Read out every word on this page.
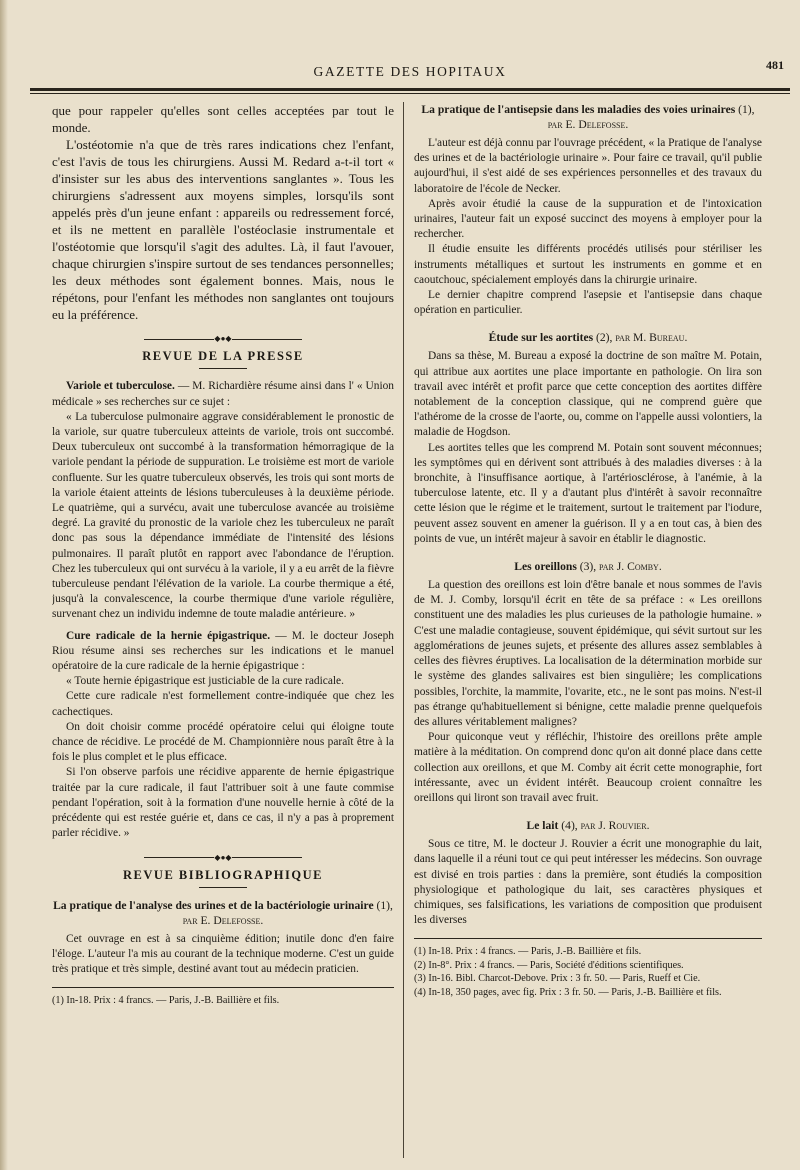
GAZETTE DES HOPITAUX	481

que pour rappeler qu'elles sont celles acceptées par tout le monde.

L'ostéotomie n'a que de très rares indications chez l'enfant, c'est l'avis de tous les chirurgiens. Aussi M. Redard a-t-il tort « d'insister sur les abus des interventions sanglantes ». Tous les chirurgiens s'adressent aux moyens simples, lorsqu'ils sont appelés près d'un jeune enfant : appareils ou redressement forcé, et ils ne mettent en parallèle l'ostéoclasie instrumentale et l'ostéotomie que lorsqu'il s'agit des adultes. Là, il faut l'avouer, chaque chirurgien s'inspire surtout de ses tendances personnelles; les deux méthodes sont également bonnes. Mais, nous le répétons, pour l'enfant les méthodes non sanglantes ont toujours eu la préférence.

◆●◆
REVUE DE LA PRESSE

Variole et tuberculose. — M. Richardière résume ainsi dans l' « Union médicale » ses recherches sur ce sujet :

« La tuberculose pulmonaire aggrave considérablement le pronostic de la variole, sur quatre tuberculeux atteints de variole, trois ont succombé. Deux tuberculeux ont succombé à la transformation hémorragique de la variole pendant la période de suppuration. Le troisième est mort de variole confluente. Sur les quatre tuberculeux observés, les trois qui sont morts de la variole étaient atteints de lésions tuberculeuses à la deuxième période. Le quatrième, qui a survécu, avait une tuberculose avancée au troisième degré. La gravité du pronostic de la variole chez les tuberculeux ne paraît donc pas sous la dépendance immédiate de l'intensité des lésions pulmonaires. Il paraît plutôt en rapport avec l'abondance de l'éruption. Chez les tuberculeux qui ont survécu à la variole, il y a eu arrêt de la fièvre tuberculeuse pendant l'élévation de la variole. La courbe thermique a été, jusqu'à la convalescence, la courbe thermique d'une variole régulière, survenant chez un individu indemne de toute maladie antérieure. »

Cure radicale de la hernie épigastrique. — M. le docteur Joseph Riou résume ainsi ses recherches sur les indications et le manuel opératoire de la cure radicale de la hernie épigastrique :

« Toute hernie épigastrique est justiciable de la cure radicale.

Cette cure radicale n'est formellement contre-indiquée que chez les cachectiques.

On doit choisir comme procédé opératoire celui qui éloigne toute chance de récidive. Le procédé de M. Championnière nous paraît être à la fois le plus complet et le plus efficace.

Si l'on observe parfois une récidive apparente de hernie épigastrique traitée par la cure radicale, il faut l'attribuer soit à une faute commise pendant l'opération, soit à la formation d'une nouvelle hernie à côté de la précédente qui est restée guérie et, dans ce cas, il n'y a pas à proprement parler récidive. »

◆●◆
REVUE BIBLIOGRAPHIQUE
La pratique de l'analyse des urines et de la bactériologie urinaire (1), par E. Delefosse.

Cet ouvrage en est à sa cinquième édition; inutile donc d'en faire l'éloge. L'auteur l'a mis au courant de la technique moderne. C'est un guide très pratique et très simple, destiné avant tout au médecin praticien.

(1) In-18. Prix : 4 francs. — Paris, J.-B. Baillière et fils.

La pratique de l'antisepsie dans les maladies des voies urinaires (1), par E. Delefosse.

L'auteur est déjà connu par l'ouvrage précédent, « la Pratique de l'analyse des urines et de la bactériologie urinaire ». Pour faire ce travail, qu'il publie aujourd'hui, il s'est aidé de ses expériences personnelles et des travaux du laboratoire de l'école de Necker.

Après avoir étudié la cause de la suppuration et de l'intoxication urinaires, l'auteur fait un exposé succinct des moyens à employer pour la rechercher.

Il étudie ensuite les différents procédés utilisés pour stériliser les instruments métalliques et surtout les instruments en gomme et en caoutchouc, spécialement employés dans la chirurgie urinaire.

Le dernier chapitre comprend l'asepsie et l'antisepsie dans chaque opération en particulier.

Étude sur les aortites (2), par M. Bureau.

Dans sa thèse, M. Bureau a exposé la doctrine de son maître M. Potain, qui attribue aux aortites une place importante en pathologie. On lira son travail avec intérêt et profit parce que cette conception des aortites diffère notablement de la conception classique, qui ne comprend guère que l'athérome de la crosse de l'aorte, ou, comme on l'appelle aussi volontiers, la maladie de Hogdson.

Les aortites telles que les comprend M. Potain sont souvent méconnues; les symptômes qui en dérivent sont attribués à des maladies diverses : à la bronchite, à l'insuffisance aortique, à l'artériosclérose, à l'anémie, à la tuberculose latente, etc. Il y a d'autant plus d'intérêt à savoir reconnaître cette lésion que le régime et le traitement, surtout le traitement par l'iodure, peuvent assez souvent en amener la guérison. Il y a en tout cas, à bien des points de vue, un intérêt majeur à savoir en établir le diagnostic.

Les oreillons (3), par J. Comby.

La question des oreillons est loin d'être banale et nous sommes de l'avis de M. J. Comby, lorsqu'il écrit en tête de sa préface : « Les oreillons constituent une des maladies les plus curieuses de la pathologie humaine. » C'est une maladie contagieuse, souvent épidémique, qui sévit surtout sur les agglomérations de jeunes sujets, et présente des allures assez semblables à celles des fièvres éruptives. La localisation de la détermination morbide sur le système des glandes salivaires est bien singulière; les complications possibles, l'orchite, la mammite, l'ovarite, etc., ne le sont pas moins. N'est-il pas étrange qu'habituellement si bénigne, cette maladie prenne quelquefois des allures véritablement malignes?

Pour quiconque veut y réfléchir, l'histoire des oreillons prête ample matière à la méditation. On comprend donc qu'on ait donné place dans cette collection aux oreillons, et que M. Comby ait écrit cette monographie, fort intéressante, avec un évident intérêt. Beaucoup croient connaître les oreillons qui liront son travail avec fruit.

Le lait (4), par J. Rouvier.

Sous ce titre, M. le docteur J. Rouvier a écrit une monographie du lait, dans laquelle il a réuni tout ce qui peut intéresser les médecins. Son ouvrage est divisé en trois parties : dans la première, sont étudiés la composition physiologique et pathologique du lait, ses caractères physiques et chimiques, ses falsifications, les variations de composition que produisent les diverses

(1) In-18. Prix : 4 francs. — Paris, J.-B. Baillière et fils.

(2) In-8°. Prix : 4 francs. — Paris, Société d'éditions scientifiques.

(3) In-16. Bibl. Charcot-Debove. Prix : 3 fr. 50. — Paris, Rueff et Cie.

(4) In-18, 350 pages, avec fig. Prix : 3 fr. 50. — Paris, J.-B. Baillière et fils.
